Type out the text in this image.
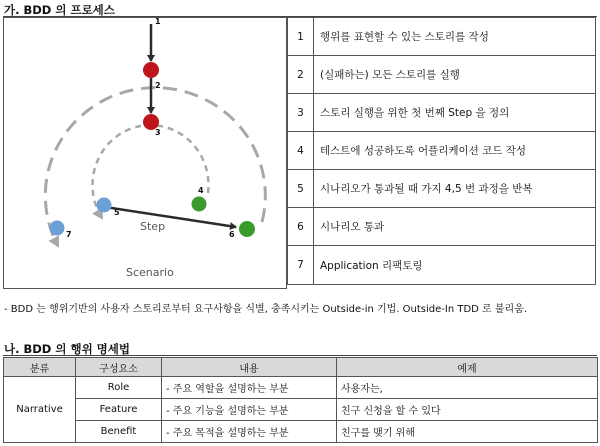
가. BDD 의 프로세스
1
2
3
4
5
6
7
Step
Scenario
1	행위를 표현할 수 있는 스토리를 작성
2	(실패하는) 모든 스토리를 실행
3	스토리 실행을 위한 첫 번째 Step 을 정의
4	테스트에 성공하도록 어플리케이션 코드 작성
5	시나리오가 통과될 때 가지 4,5 번 과정을 반복
6	시나리오 통과
7	Application 리팩토링
- BDD 는 행위기반의 사용자 스토리로부터 요구사항을 식별, 충족시키는 Outside-in 기법. Outside-In TDD 로 불리움.
나. BDD 의 행위 명세법
분류	구성요소	내용	예제
Narrative	Role	- 주요 역할을 설명하는 부분	사용자는,
	Feature	- 주요 기능을 설명하는 부분	친구 신청을 할 수 있다
	Benefit	- 주요 목적을 설명하는 부분	친구를 맺기 위해
